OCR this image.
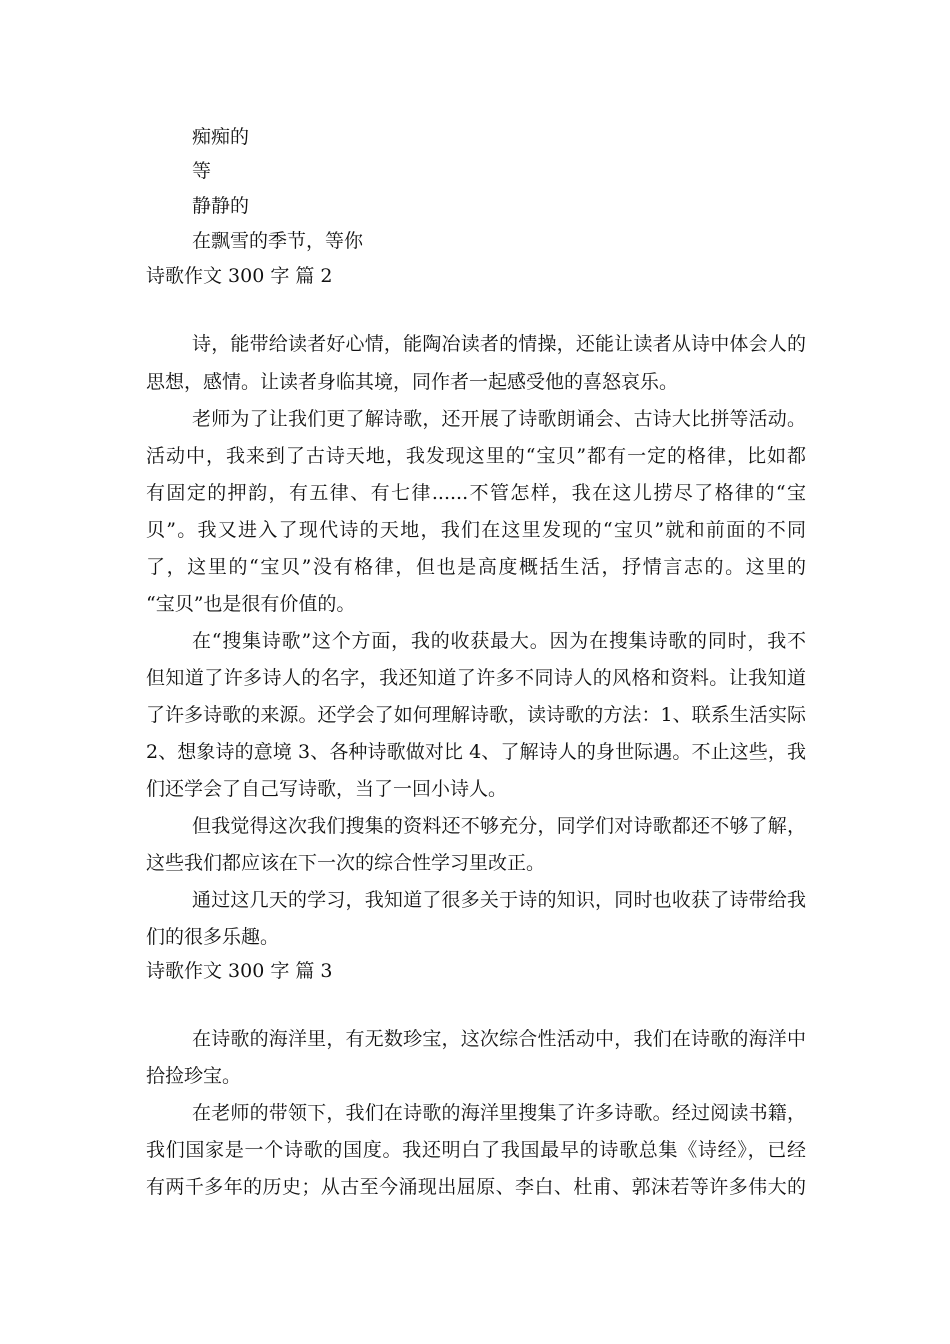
痴痴的
等
静静的
在飘雪的季节，等你
诗歌作文 300 字 篇 2
诗，能带给读者好心情，能陶冶读者的情操，还能让读者从诗中体会人的
思想，感情。让读者身临其境，同作者一起感受他的喜怒哀乐。
老师为了让我们更了解诗歌，还开展了诗歌朗诵会、古诗大比拼等活动。
活动中，我来到了古诗天地，我发现这里的“宝贝”都有一定的格律，比如都
有固定的押韵，有五律、有七律......不管怎样，我在这儿捞尽了格律的“宝
贝”。我又进入了现代诗的天地，我们在这里发现的“宝贝”就和前面的不同
了，这里的“宝贝”没有格律，但也是高度概括生活，抒情言志的。这里的
“宝贝”也是很有价值的。
在“搜集诗歌”这个方面，我的收获最大。因为在搜集诗歌的同时，我不
但知道了许多诗人的名字，我还知道了许多不同诗人的风格和资料。让我知道
了许多诗歌的来源。还学会了如何理解诗歌，读诗歌的方法：1、联系生活实际
2、想象诗的意境 3、各种诗歌做对比 4、了解诗人的身世际遇。不止这些，我
们还学会了自己写诗歌，当了一回小诗人。
但我觉得这次我们搜集的资料还不够充分，同学们对诗歌都还不够了解，
这些我们都应该在下一次的综合性学习里改正。
通过这几天的学习，我知道了很多关于诗的知识，同时也收获了诗带给我
们的很多乐趣。
诗歌作文 300 字 篇 3
在诗歌的海洋里，有无数珍宝，这次综合性活动中，我们在诗歌的海洋中
拾捡珍宝。
在老师的带领下，我们在诗歌的海洋里搜集了许多诗歌。经过阅读书籍，
我们国家是一个诗歌的国度。我还明白了我国最早的诗歌总集《诗经》，已经
有两千多年的历史；从古至今涌现出屈原、李白、杜甫、郭沫若等许多伟大的
